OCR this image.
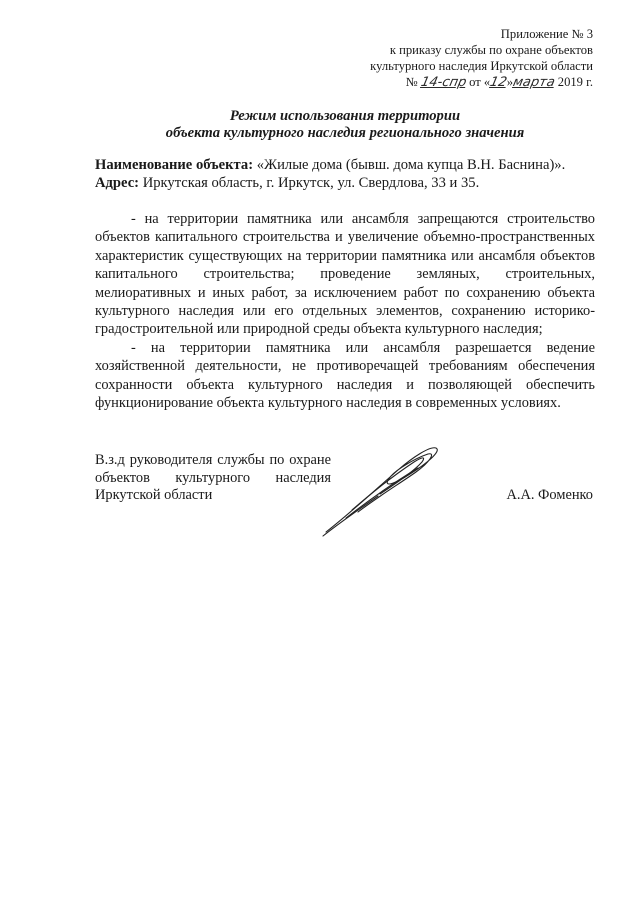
Приложение № 3
к приказу службы по охране объектов
культурного наследия Иркутской области
№ 14-спр от «12»марта 2019 г.
Режим использования территории
объекта культурного наследия регионального значения
Наименование объекта: «Жилые дома (бывш. дома купца В.Н. Баснина)».
Адрес: Иркутская область, г. Иркутск, ул. Свердлова, 33 и 35.

- на территории памятника или ансамбля запрещаются строительство объектов капитального строительства и увеличение объемно-пространственных характеристик существующих на территории памятника или ансамбля объектов капитального строительства; проведение земляных, строительных, мелиоративных и иных работ, за исключением работ по сохранению объекта культурного наследия или его отдельных элементов, сохранению историко-градостроительной или природной среды объекта культурного наследия;

- на территории памятника или ансамбля разрешается ведение хозяйственной деятельности, не противоречащей требованиям обеспечения сохранности объекта культурного наследия и позволяющей обеспечить функционирование объекта культурного наследия в современных условиях.

В.з.д руководителя службы по охране объектов культурного наследия Иркутской области	А.А. Фоменко
